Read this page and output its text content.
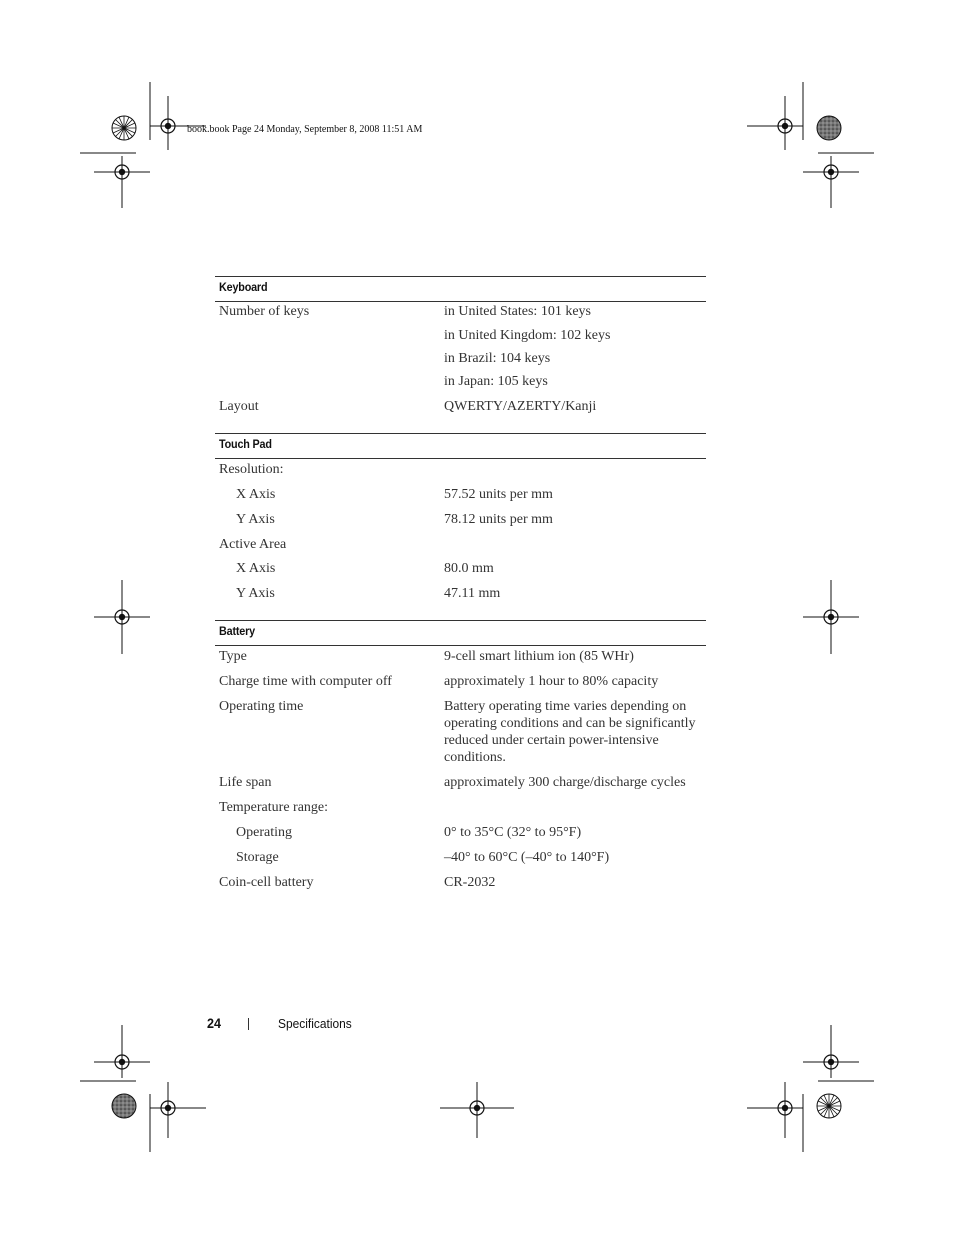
book.book Page 24 Monday, September 8, 2008 11:51 AM
Keyboard
Number of keys	in United States: 101 keys
in United Kingdom: 102 keys
in Brazil: 104 keys
in Japan: 105 keys
Layout	QWERTY/AZERTY/Kanji
Touch Pad
Resolution:
X Axis	57.52 units per mm
Y Axis	78.12 units per mm
Active Area
X Axis	80.0 mm
Y Axis	47.11 mm
Battery
Type	9-cell smart lithium ion (85 WHr)
Charge time with computer off	approximately 1 hour to 80% capacity
Operating time	Battery operating time varies depending on operating conditions and can be significantly reduced under certain power-intensive conditions.
Life span	approximately 300 charge/discharge cycles
Temperature range:
Operating	0° to 35°C (32° to 95°F)
Storage	–40° to 60°C (–40° to 140°F)
Coin-cell battery	CR-2032
24	Specifications
